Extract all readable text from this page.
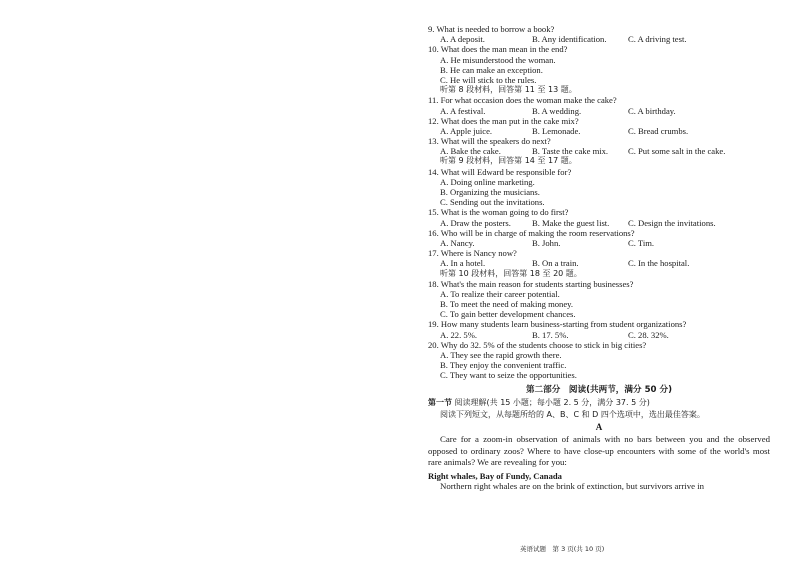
9. What is needed to borrow a book?
A. A deposit.	B. Any identification.	C. A driving test.
10. What does the man mean in the end?
A. He misunderstood the woman.
B. He can make an exception.
C. He will stick to the rules.
听第 8 段材料，回答第 11 至 13 题。
11. For what occasion does the woman make the cake?
A. A festival.	B. A wedding.	C. A birthday.
12. What does the man put in the cake mix?
A. Apple juice.	B. Lemonade.	C. Bread crumbs.
13. What will the speakers do next?
A. Bake the cake.	B. Taste the cake mix.	C. Put some salt in the cake.
听第 9 段材料，回答第 14 至 17 题。
14. What will Edward be responsible for?
A. Doing online marketing.
B. Organizing the musicians.
C. Sending out the invitations.
15. What is the woman going to do first?
A. Draw the posters.	B. Make the guest list.	C. Design the invitations.
16. Who will be in charge of making the room reservations?
A. Nancy.	B. John.	C. Tim.
17. Where is Nancy now?
A. In a hotel.	B. On a train.	C. In the hospital.
听第 10 段材料，回答第 18 至 20 题。
18. What's the main reason for students starting businesses?
A. To realize their career potential.
B. To meet the need of making money.
C. To gain better development chances.
19. How many students learn business-starting from student organizations?
A. 22. 5%.	B. 17. 5%.	C. 28. 32%.
20. Why do 32. 5% of the students choose to stick in big cities?
A. They see the rapid growth there.
B. They enjoy the convenient traffic.
C. They want to seize the opportunities.
第二部分　阅读(共两节，满分 50 分)
第一节 阅读理解(共 15 小题；每小题 2. 5 分，满分 37. 5 分)
阅读下列短文，从每题所给的 A、B、C 和 D 四个选项中，选出最佳答案。
A
Care for a zoom-in observation of animals with no bars between you and the observed opposed to ordinary zoos? Where to have close-up encounters with some of the world's most rare animals? We are revealing for you:
Right whales, Bay of Fundy, Canada
Northern right whales are on the brink of extinction, but survivors arrive in
英语试题　第 3 页(共 10 页)
